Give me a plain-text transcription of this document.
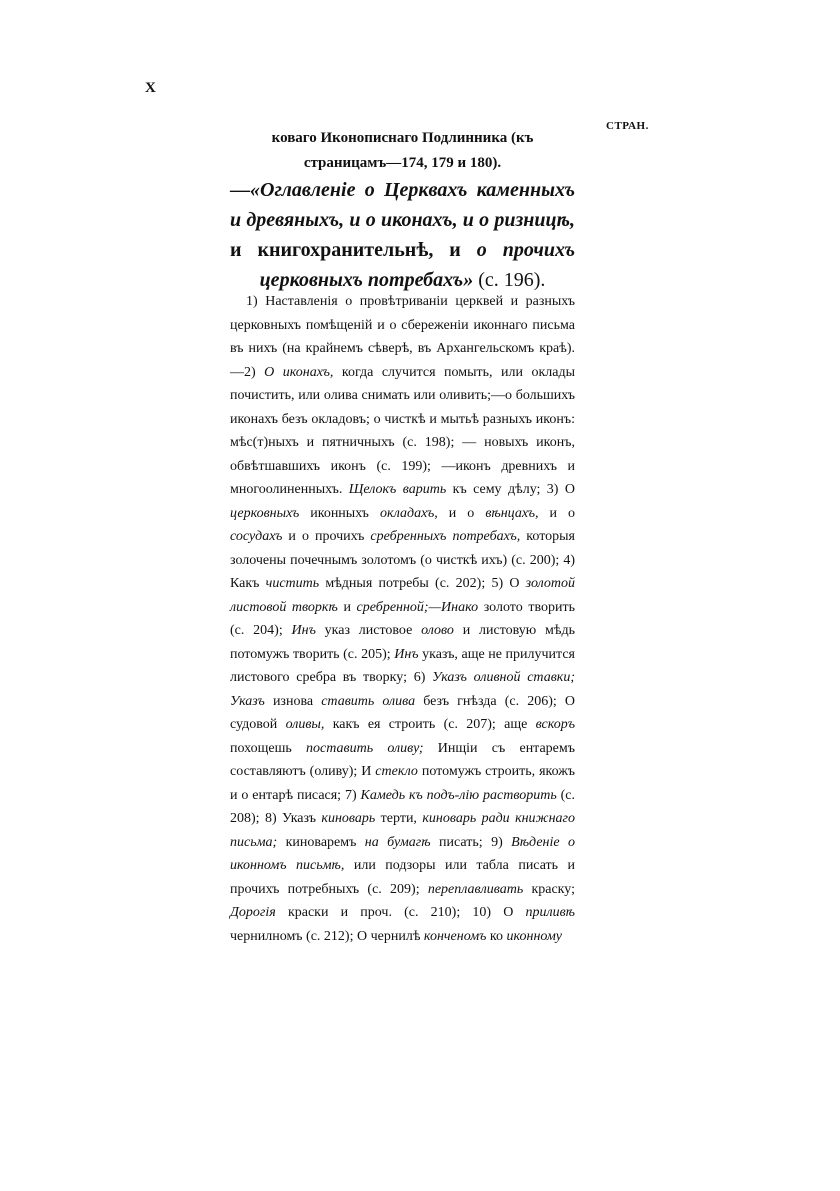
X
СТРАН.
коваго Иконописнаго Подлинника (къ страницамъ—174, 179 и 180).
—«Оглавленіе о Церквахъ каменныхъ и древяныхъ, и о иконахъ, и о ризницѣ, и книгохранительнѣ, и о прочихъ церковныхъ потребахъ» (с. 196).
1) Наставленія о провѣтриваніи церквей и разныхъ церковныхъ помѣщеній и о сбереженіи иконнаго письма въ нихъ (на крайнемъ сѣверѣ, въ Архангельскомъ краѣ).—2) О иконахъ, когда случится помыть, или оклады почистить, или олива снимать или оливить;—о большихъ иконахъ безъ окладовъ; о чисткѣ и мытьѣ разныхъ иконъ: мѣс(т)ныхъ и пятничныхъ (с. 198); — новыхъ иконъ, обвѣтшавшихъ иконъ (с. 199); —иконъ древнихъ и многоолиненныхъ. Щелокъ варить къ сему дѣлу; 3) О церковныхъ иконныхъ окладахъ, и о вѣнцахъ, и о сосудахъ и о прочихъ сребренныхъ потребахъ, которыя золочены почечнымъ золотомъ (о чисткѣ ихъ) (с. 200); 4) Какъ чистить мѣдныя потребы (с. 202); 5) О золотой листовой творкѣ и сребренной;—Инако золото творить (с. 204); Инъ указ листовое олово и листовую мѣдь потомужъ творить (с. 205); Инъ указъ, аще не прилучится листового сребра въ творку; 6) Указъ оливной ставки; Указъ изнова ставить олива безъ гнѣзда (с. 206); О судовой оливы, какъ ея строить (с. 207); аще вскоръ похощешь поставить оливу; Инщіи съ ентаремъ составляютъ (оливу); И стекло потомужъ строить, якожъ и о ентарѣ писася; 7) Камедь къ подъ-лію растворить (с. 208); 8) Указъ киноварь терти, киноварь ради книжнаго письма; киноваремъ на бумагѣ писать; 9) Вѣденіе о иконномъ письмѣ, или подзоры или табла писать и прочихъ потребныхъ (с. 209); переплавливать краску; Дорогія краски и проч. (с. 210); 10) О приливѣ чернилномъ (с. 212); О чернилѣ конченомъ ко иконному
